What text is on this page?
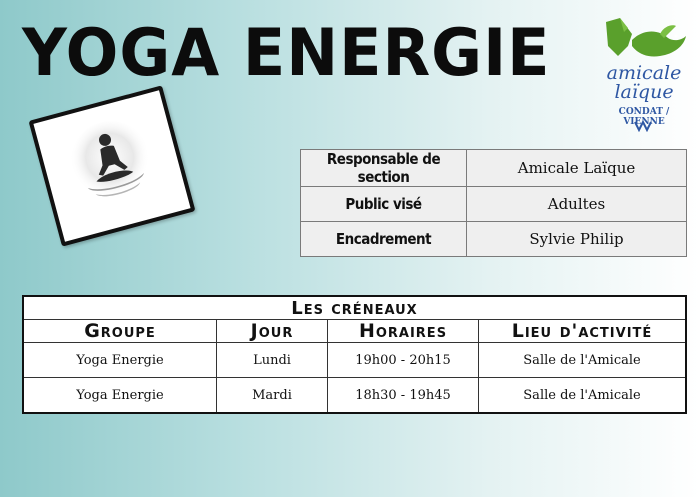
YOGA ENERGIE	amicale
laïque
CONDAT / VIENNE
Responsable de section	Amicale Laïque
Public visé	Adultes
Encadrement	Sylvie Philip
Les créneaux			
Groupe	Jour	Horaires	Lieu d'activité
Yoga Energie	Lundi	19h00 - 20h15	Salle de l'Amicale
Yoga Energie	Mardi	18h30 - 19h45	Salle de l'Amicale
